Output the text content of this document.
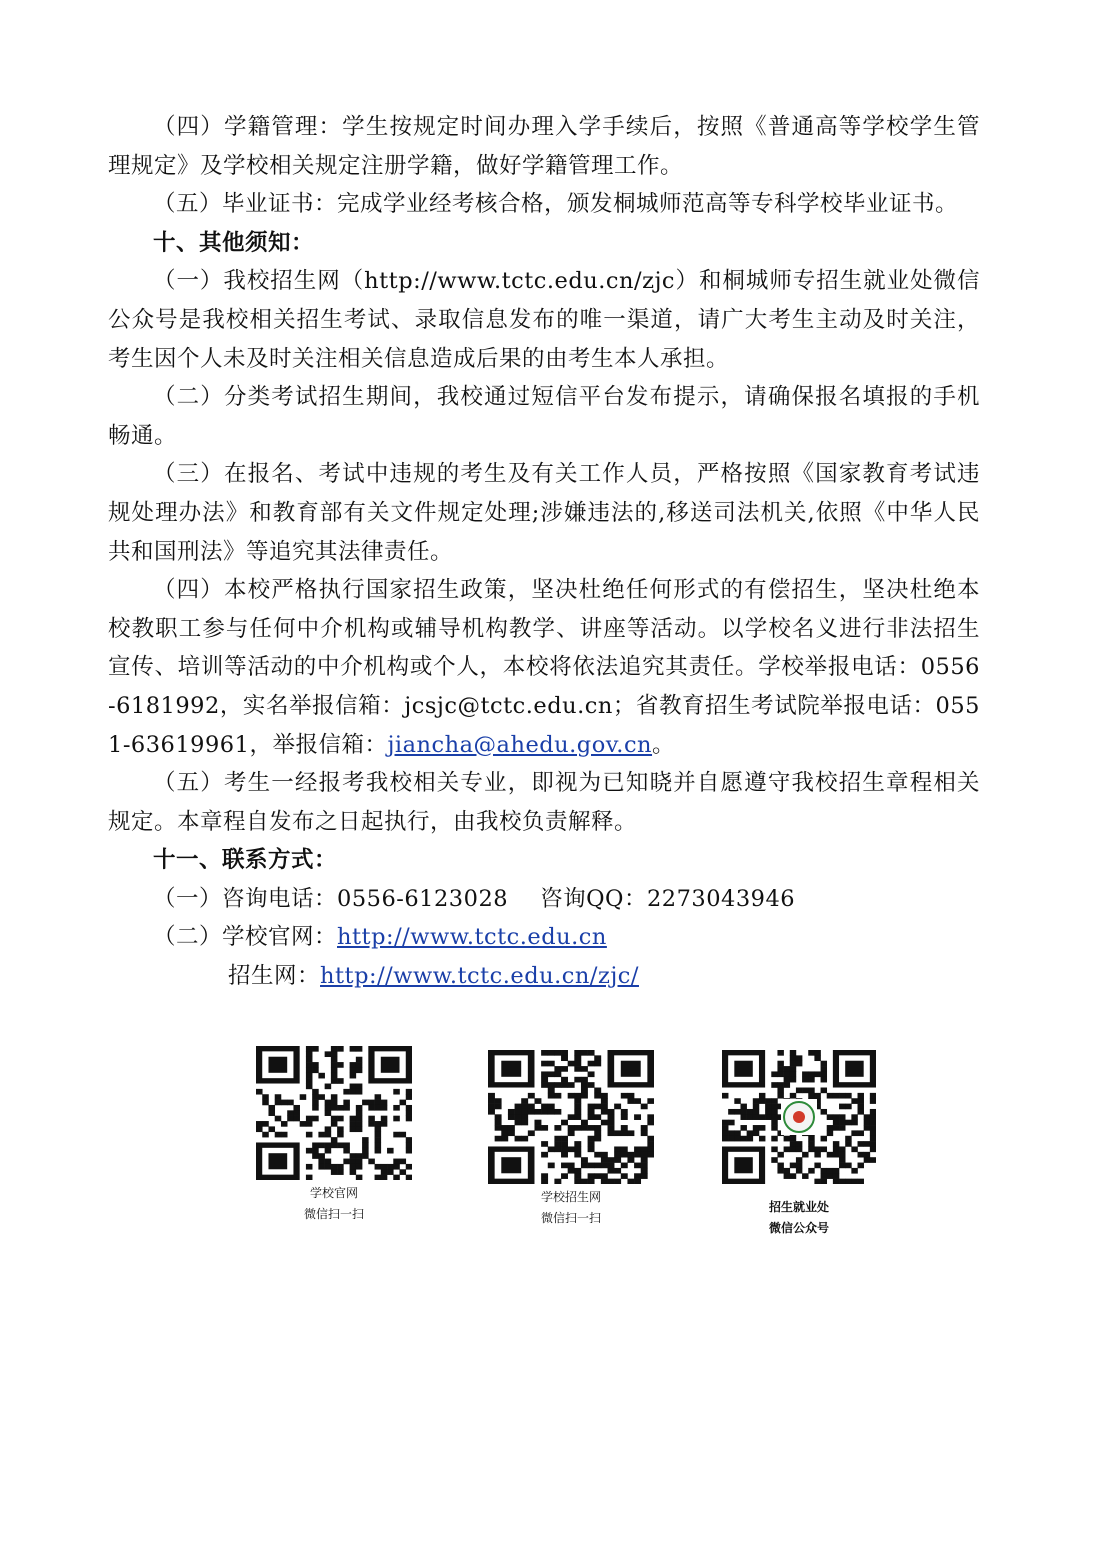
（四）学籍管理：学生按规定时间办理入学手续后，按照《普通高等学校学生管理规定》及学校相关规定注册学籍，做好学籍管理工作。

（五）毕业证书：完成学业经考核合格，颁发桐城师范高等专科学校毕业证书。

十、其他须知：

（一）我校招生网（http://www.tctc.edu.cn/zjc）和桐城师专招生就业处微信公众号是我校相关招生考试、录取信息发布的唯一渠道，请广大考生主动及时关注，考生因个人未及时关注相关信息造成后果的由考生本人承担。

（二）分类考试招生期间，我校通过短信平台发布提示，请确保报名填报的手机畅通。

（三）在报名、考试中违规的考生及有关工作人员，严格按照《国家教育考试违规处理办法》和教育部有关文件规定处理;涉嫌违法的,移送司法机关,依照《中华人民共和国刑法》等追究其法律责任。

（四）本校严格执行国家招生政策，坚决杜绝任何形式的有偿招生，坚决杜绝本校教职工参与任何中介机构或辅导机构教学、讲座等活动。以学校名义进行非法招生宣传、培训等活动的中介机构或个人，本校将依法追究其责任。学校举报电话：0556-6181992，实名举报信箱：jcsjc@tctc.edu.cn；省教育招生考试院举报电话：0551-63619961，举报信箱：jiancha@ahedu.gov.cn。

（五）考生一经报考我校相关专业，即视为已知晓并自愿遵守我校招生章程相关规定。本章程自发布之日起执行，由我校负责解释。

十一、联系方式：

（一）咨询电话：0556-6123028 咨询QQ：2273043946

（二）学校官网：http://www.tctc.edu.cn

招生网：http://www.tctc.edu.cn/zjc/

学校官网
微信扫一扫
学校招生网
微信扫一扫
招生就业处
微信公众号
